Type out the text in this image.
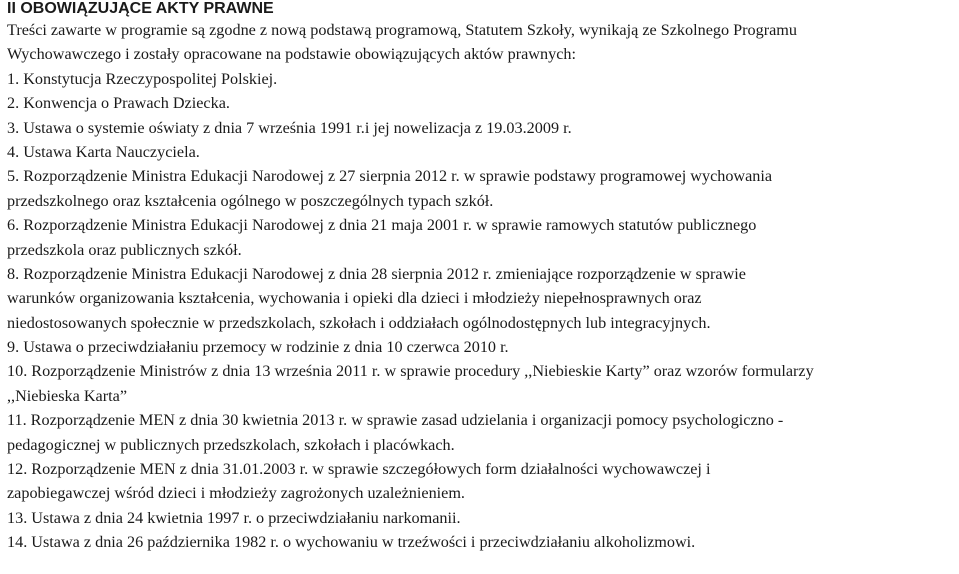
II OBOWIĄZUJĄCE AKTY PRAWNE
Treści zawarte w programie są zgodne z nową podstawą programową, Statutem Szkoły, wynikają ze Szkolnego Programu
Wychowawczego i zostały opracowane na podstawie obowiązujących aktów prawnych:
1. Konstytucja Rzeczypospolitej Polskiej.
2. Konwencja o Prawach Dziecka.
3. Ustawa o systemie oświaty z dnia 7 września 1991 r.i jej nowelizacja z 19.03.2009 r.
4. Ustawa Karta Nauczyciela.
5. Rozporządzenie Ministra Edukacji Narodowej z 27 sierpnia 2012 r. w sprawie podstawy programowej wychowania
przedszkolnego oraz kształcenia ogólnego w poszczególnych typach szkół.
6. Rozporządzenie Ministra Edukacji Narodowej z dnia 21 maja 2001 r. w sprawie ramowych statutów publicznego
przedszkola oraz publicznych szkół.
8. Rozporządzenie Ministra Edukacji Narodowej z dnia 28 sierpnia 2012 r. zmieniające rozporządzenie w sprawie
warunków organizowania kształcenia, wychowania i opieki dla dzieci i młodzieży niepełnosprawnych oraz
niedostosowanych społecznie w przedszkolach, szkołach i oddziałach ogólnodostępnych lub integracyjnych.
9. Ustawa o przeciwdziałaniu przemocy w rodzinie z dnia 10 czerwca 2010 r.
10. Rozporządzenie Ministrów z dnia 13 września 2011 r. w sprawie procedury ,,Niebieskie Karty” oraz wzorów formularzy
,,Niebieska Karta”
11. Rozporządzenie MEN z dnia 30 kwietnia 2013 r. w sprawie zasad udzielania i organizacji pomocy psychologiczno -
pedagogicznej w publicznych przedszkolach, szkołach i placówkach.
12. Rozporządzenie MEN z dnia 31.01.2003 r. w sprawie szczegółowych form działalności wychowawczej i
zapobiegawczej wśród dzieci i młodzieży zagrożonych uzależnieniem.
13. Ustawa z dnia 24 kwietnia 1997 r. o przeciwdziałaniu narkomanii.
14. Ustawa z dnia 26 października 1982 r. o wychowaniu w trzeźwości i przeciwdziałaniu alkoholizmowi.
